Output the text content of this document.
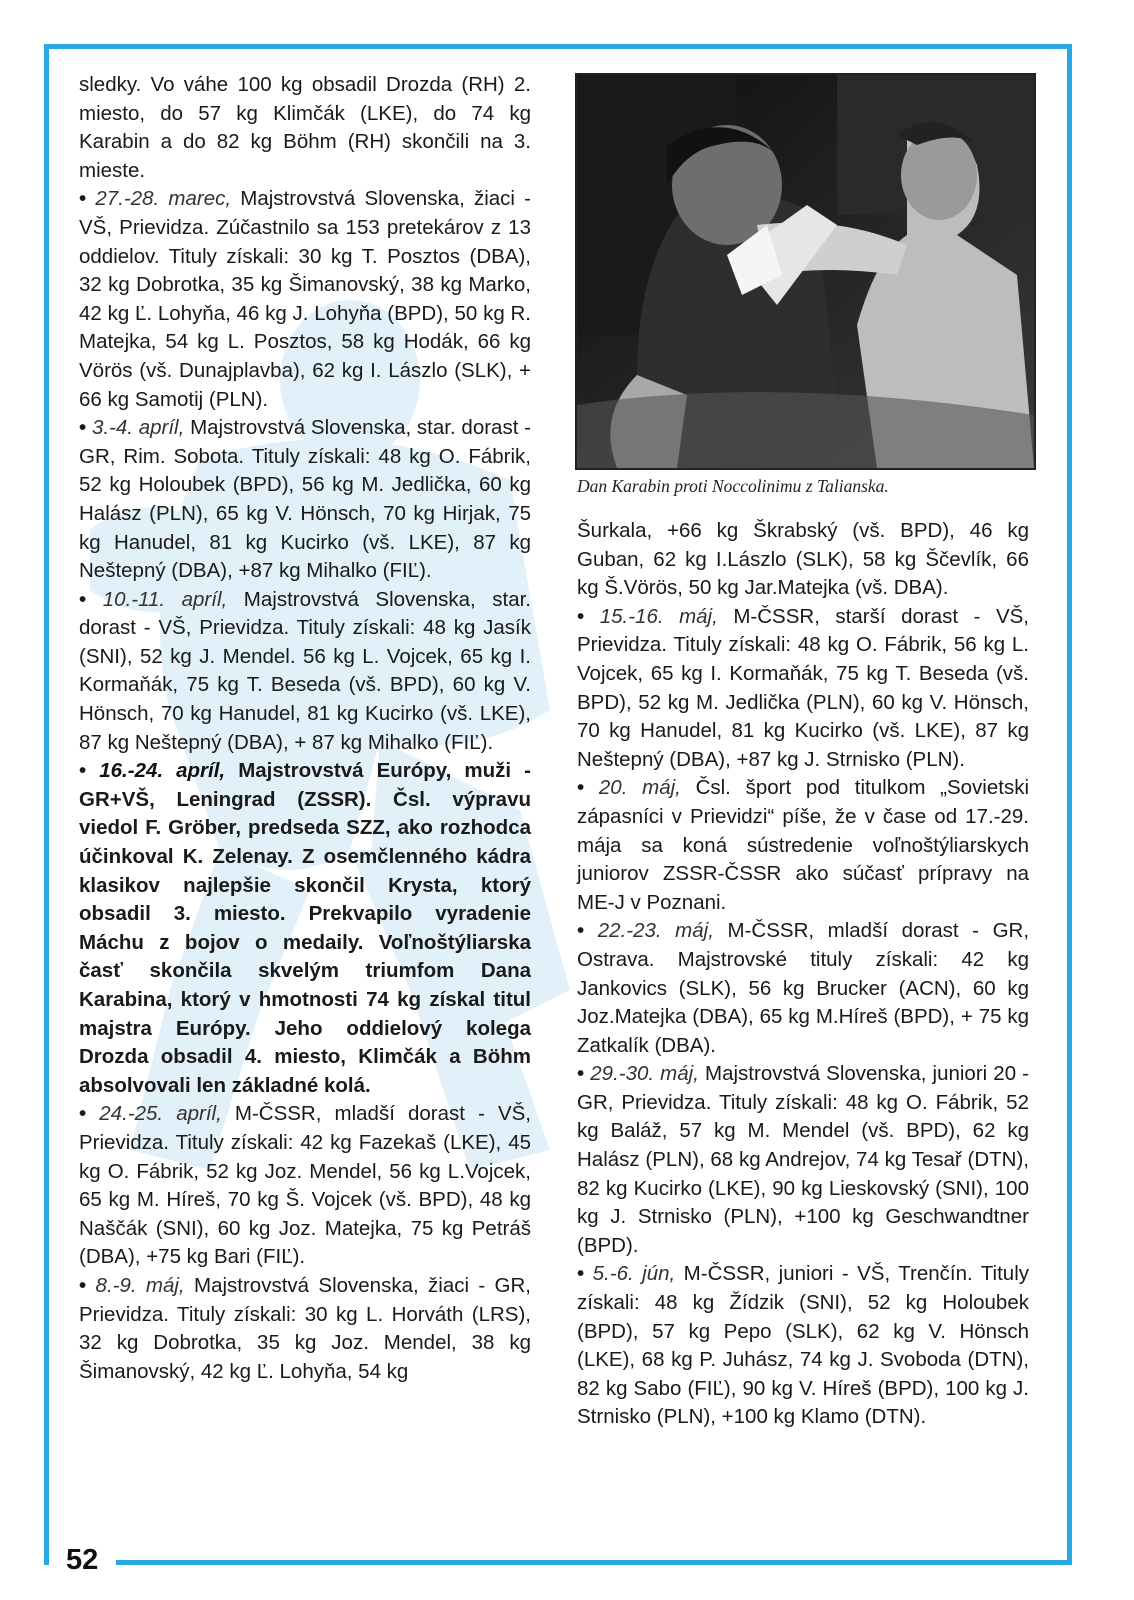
52
Dan Karabin proti Noccolinimu z Talianska.

sledky. Vo váhe 100 kg obsadil Drozda (RH) 2. miesto, do 57 kg Klimčák (LKE), do 74 kg Karabin a do 82 kg Böhm (RH) skončili na 3. mieste.

• 27.-28. marec, Majstrovstvá Slovenska, žiaci - VŠ, Prievidza. Zúčastnilo sa 153 pretekárov z 13 oddielov. Tituly získali: 30 kg T. Posztos (DBA), 32 kg Dobrotka, 35 kg Šimanovský, 38 kg Marko, 42 kg Ľ. Lohyňa, 46 kg J. Lohyňa (BPD), 50 kg R. Matejka, 54 kg L. Posztos, 58 kg Hodák, 66 kg Vörös (vš. Dunajplavba), 62 kg I. Lászlo (SLK), + 66 kg Samotij (PLN).

• 3.-4. apríl, Majstrovstvá Slovenska, star. dorast - GR, Rim. Sobota. Tituly získali: 48 kg O. Fábrik, 52 kg Holoubek (BPD), 56 kg M. Jedlička, 60 kg Halász (PLN), 65 kg V. Hönsch, 70 kg Hirjak, 75 kg Hanudel, 81 kg Kucirko (vš. LKE), 87 kg Neštepný (DBA), +87 kg Mihalko (FIĽ).

• 10.-11. apríl, Majstrovstvá Slovenska, star. dorast - VŠ, Prievidza. Tituly získali: 48 kg Jasík (SNI), 52 kg J. Mendel. 56 kg L. Vojcek, 65 kg I. Kormaňák, 75 kg T. Beseda (vš. BPD), 60 kg V. Hönsch, 70 kg Hanudel, 81 kg Kucirko (vš. LKE), 87 kg Neštepný (DBA), + 87 kg Mihalko (FIĽ).

• 16.-24. apríl, Majstrovstvá Európy, muži - GR+VŠ, Leningrad (ZSSR). Čsl. výpravu viedol F. Gröber, predseda SZZ, ako rozhodca účinkoval K. Zelenay. Z osemčlenného kádra klasikov najlepšie skončil Krysta, ktorý obsadil 3. miesto. Prekvapilo vyradenie Máchu z bojov o medaily. Voľnoštýliarska časť skončila skvelým triumfom Dana Karabina, ktorý v hmotnosti 74 kg získal titul majstra Európy. Jeho oddielový kolega Drozda obsadil 4. miesto, Klimčák a Böhm absolvovali len základné kolá.

• 24.-25. apríl, M-ČSSR, mladší dorast - VŠ, Prievidza. Tituly získali: 42 kg Fazekaš (LKE), 45 kg O. Fábrik, 52 kg Joz. Mendel, 56 kg L.Vojcek, 65 kg M. Híreš, 70 kg Š. Vojcek (vš. BPD), 48 kg Naščák (SNI), 60 kg Joz. Matejka, 75 kg Petráš (DBA), +75 kg Bari (FIĽ).

• 8.-9. máj, Majstrovstvá Slovenska, žiaci - GR, Prievidza. Tituly získali: 30 kg L. Horváth (LRS), 32 kg Dobrotka, 35 kg Joz. Mendel, 38 kg Šimanovský, 42 kg Ľ. Lohyňa, 54 kg

Šurkala, +66 kg Škrabský (vš. BPD), 46 kg Guban, 62 kg I.Lászlo (SLK), 58 kg Ščevlík, 66 kg Š.Vörös, 50 kg Jar.Matejka (vš. DBA).

• 15.-16. máj, M-ČSSR, starší dorast - VŠ, Prievidza. Tituly získali: 48 kg O. Fábrik, 56 kg L. Vojcek, 65 kg I. Kormaňák, 75 kg T. Beseda (vš. BPD), 52 kg M. Jedlička (PLN), 60 kg V. Hönsch, 70 kg Hanudel, 81 kg Kucirko (vš. LKE), 87 kg Neštepný (DBA), +87 kg J. Strnisko (PLN).

• 20. máj, Čsl. šport pod titulkom „Sovietski zápasníci v Prievidzi“ píše, že v čase od 17.-29. mája sa koná sústredenie voľnoštýliarskych juniorov ZSSR-ČSSR ako súčasť prípravy na ME-J v Poznani.

• 22.-23. máj, M-ČSSR, mladší dorast - GR, Ostrava. Majstrovské tituly získali: 42 kg Jankovics (SLK), 56 kg Brucker (ACN), 60 kg Joz.Matejka (DBA), 65 kg M.Híreš (BPD), + 75 kg Zatkalík (DBA).

• 29.-30. máj, Majstrovstvá Slovenska, juniori 20 - GR, Prievidza. Tituly získali: 48 kg O. Fábrik, 52 kg Baláž, 57 kg M. Mendel (vš. BPD), 62 kg Halász (PLN), 68 kg Andrejov, 74 kg Tesař (DTN), 82 kg Kucirko (LKE), 90 kg Lieskovský (SNI), 100 kg J. Strnisko (PLN), +100 kg Geschwandtner (BPD).

• 5.-6. jún, M-ČSSR, juniori - VŠ, Trenčín. Tituly získali: 48 kg Žídzik (SNI), 52 kg Holoubek (BPD), 57 kg Pepo (SLK), 62 kg V. Hönsch (LKE), 68 kg P. Juhász, 74 kg J. Svoboda (DTN), 82 kg Sabo (FIĽ), 90 kg V. Híreš (BPD), 100 kg J. Strnisko (PLN), +100 kg Klamo (DTN).
